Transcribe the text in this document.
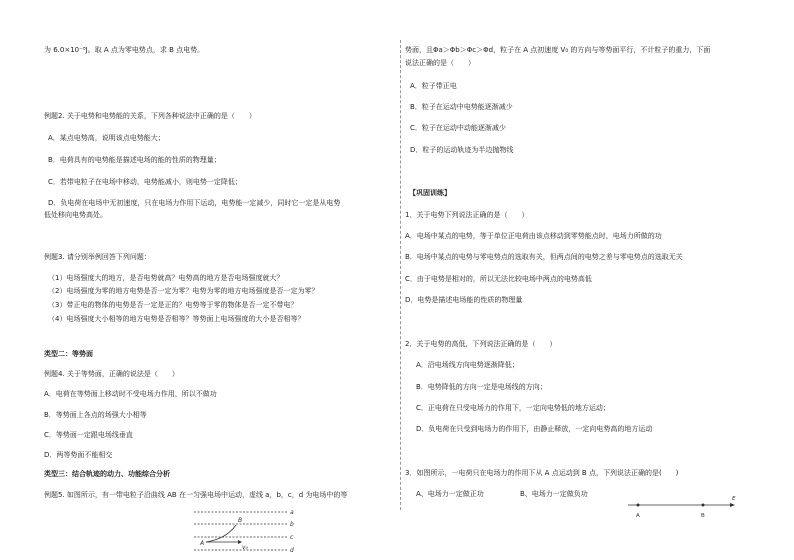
为 6.0×10⁻⁸J。取 A 点为零电势点，求 B 点电势。
例题2. 关于电势和电势能的关系，下列各种说法中正确的是（　　）
A．某点电势高，说明该点电势能大；
B．电荷具有的电势能是描述电场的能的性质的物理量；
C．若带电粒子在电场中移动，电势能减小，则电势一定降低；
D．负电荷在电场中无初速度，只在电场力作用下运动，电势能一定减少，同时它一定是从电势
低处移向电势高处。
例题3. 请分别举例回答下列问题：
（1）电场强度大的地方，是否电势就高？电势高的地方是否电场强度就大？
（2）电场强度为零的地方电势是否一定为零？电势为零的地方电场强度是否一定为零？
（3）带正电的物体的电势是否一定是正的？电势等于零的物体是否一定不带电？
（4）电场强度大小相等的地方电势是否相等？等势面上电场强度的大小是否相等？
类型二：等势面
例题4. 关于等势面，正确的说法是（　　）
A．电荷在等势面上移动时不受电场力作用，所以不做功
B．等势面上各点的场强大小相等
C．等势面一定跟电场线垂直
D．两等势面不能相交
类型三：结合轨迹的动力、功能综合分析
例题5. 如图所示，有一带电粒子沿曲线 AB 在一匀强电场中运动，虚线 a，b，c，d 为电场中的等
a
b
c
d
A
B
v₀
势面，且Φa＞Φb＞Φc＞Φd，粒子在 A 点初速度 V₀ 的方向与等势面平行，不计粒子的重力，下面
说法正确的是（　　）
A．粒子带正电
B．粒子在运动中电势能逐渐减少
C．粒子在运动中动能逐渐减少
D．粒子的运动轨迹为半边抛物线
【巩固训练】
1．关于电势下列说法正确的是（　　）
A．电场中某点的电势，等于单位正电荷由该点移动到零势能点时，电场力所做的功
B．电场中某点的电势与零电势点的选取有关，但两点间的电势之差与零电势点的选取无关
C．由于电势是相对的，所以无法比较电场中两点的电势高低
D．电势是描述电场能的性质的物理量
2．关于电势的高低，下列说法正确的是（　　）
A．沿电场线方向电势逐渐降低；
B．电势降低的方向一定是电场线的方向；
C．正电荷在只受电场力的作用下，一定向电势低的地方运动；
D．负电荷在只受到电场力的作用下，由静止释放，一定向电势高的地方运动
3．如图所示，一电荷只在电场力的作用下从 A 点运动到 B 点，下列说法正确的是(　　)
A、电场力一定做正功	B、电场力一定做负功
A	B
E
